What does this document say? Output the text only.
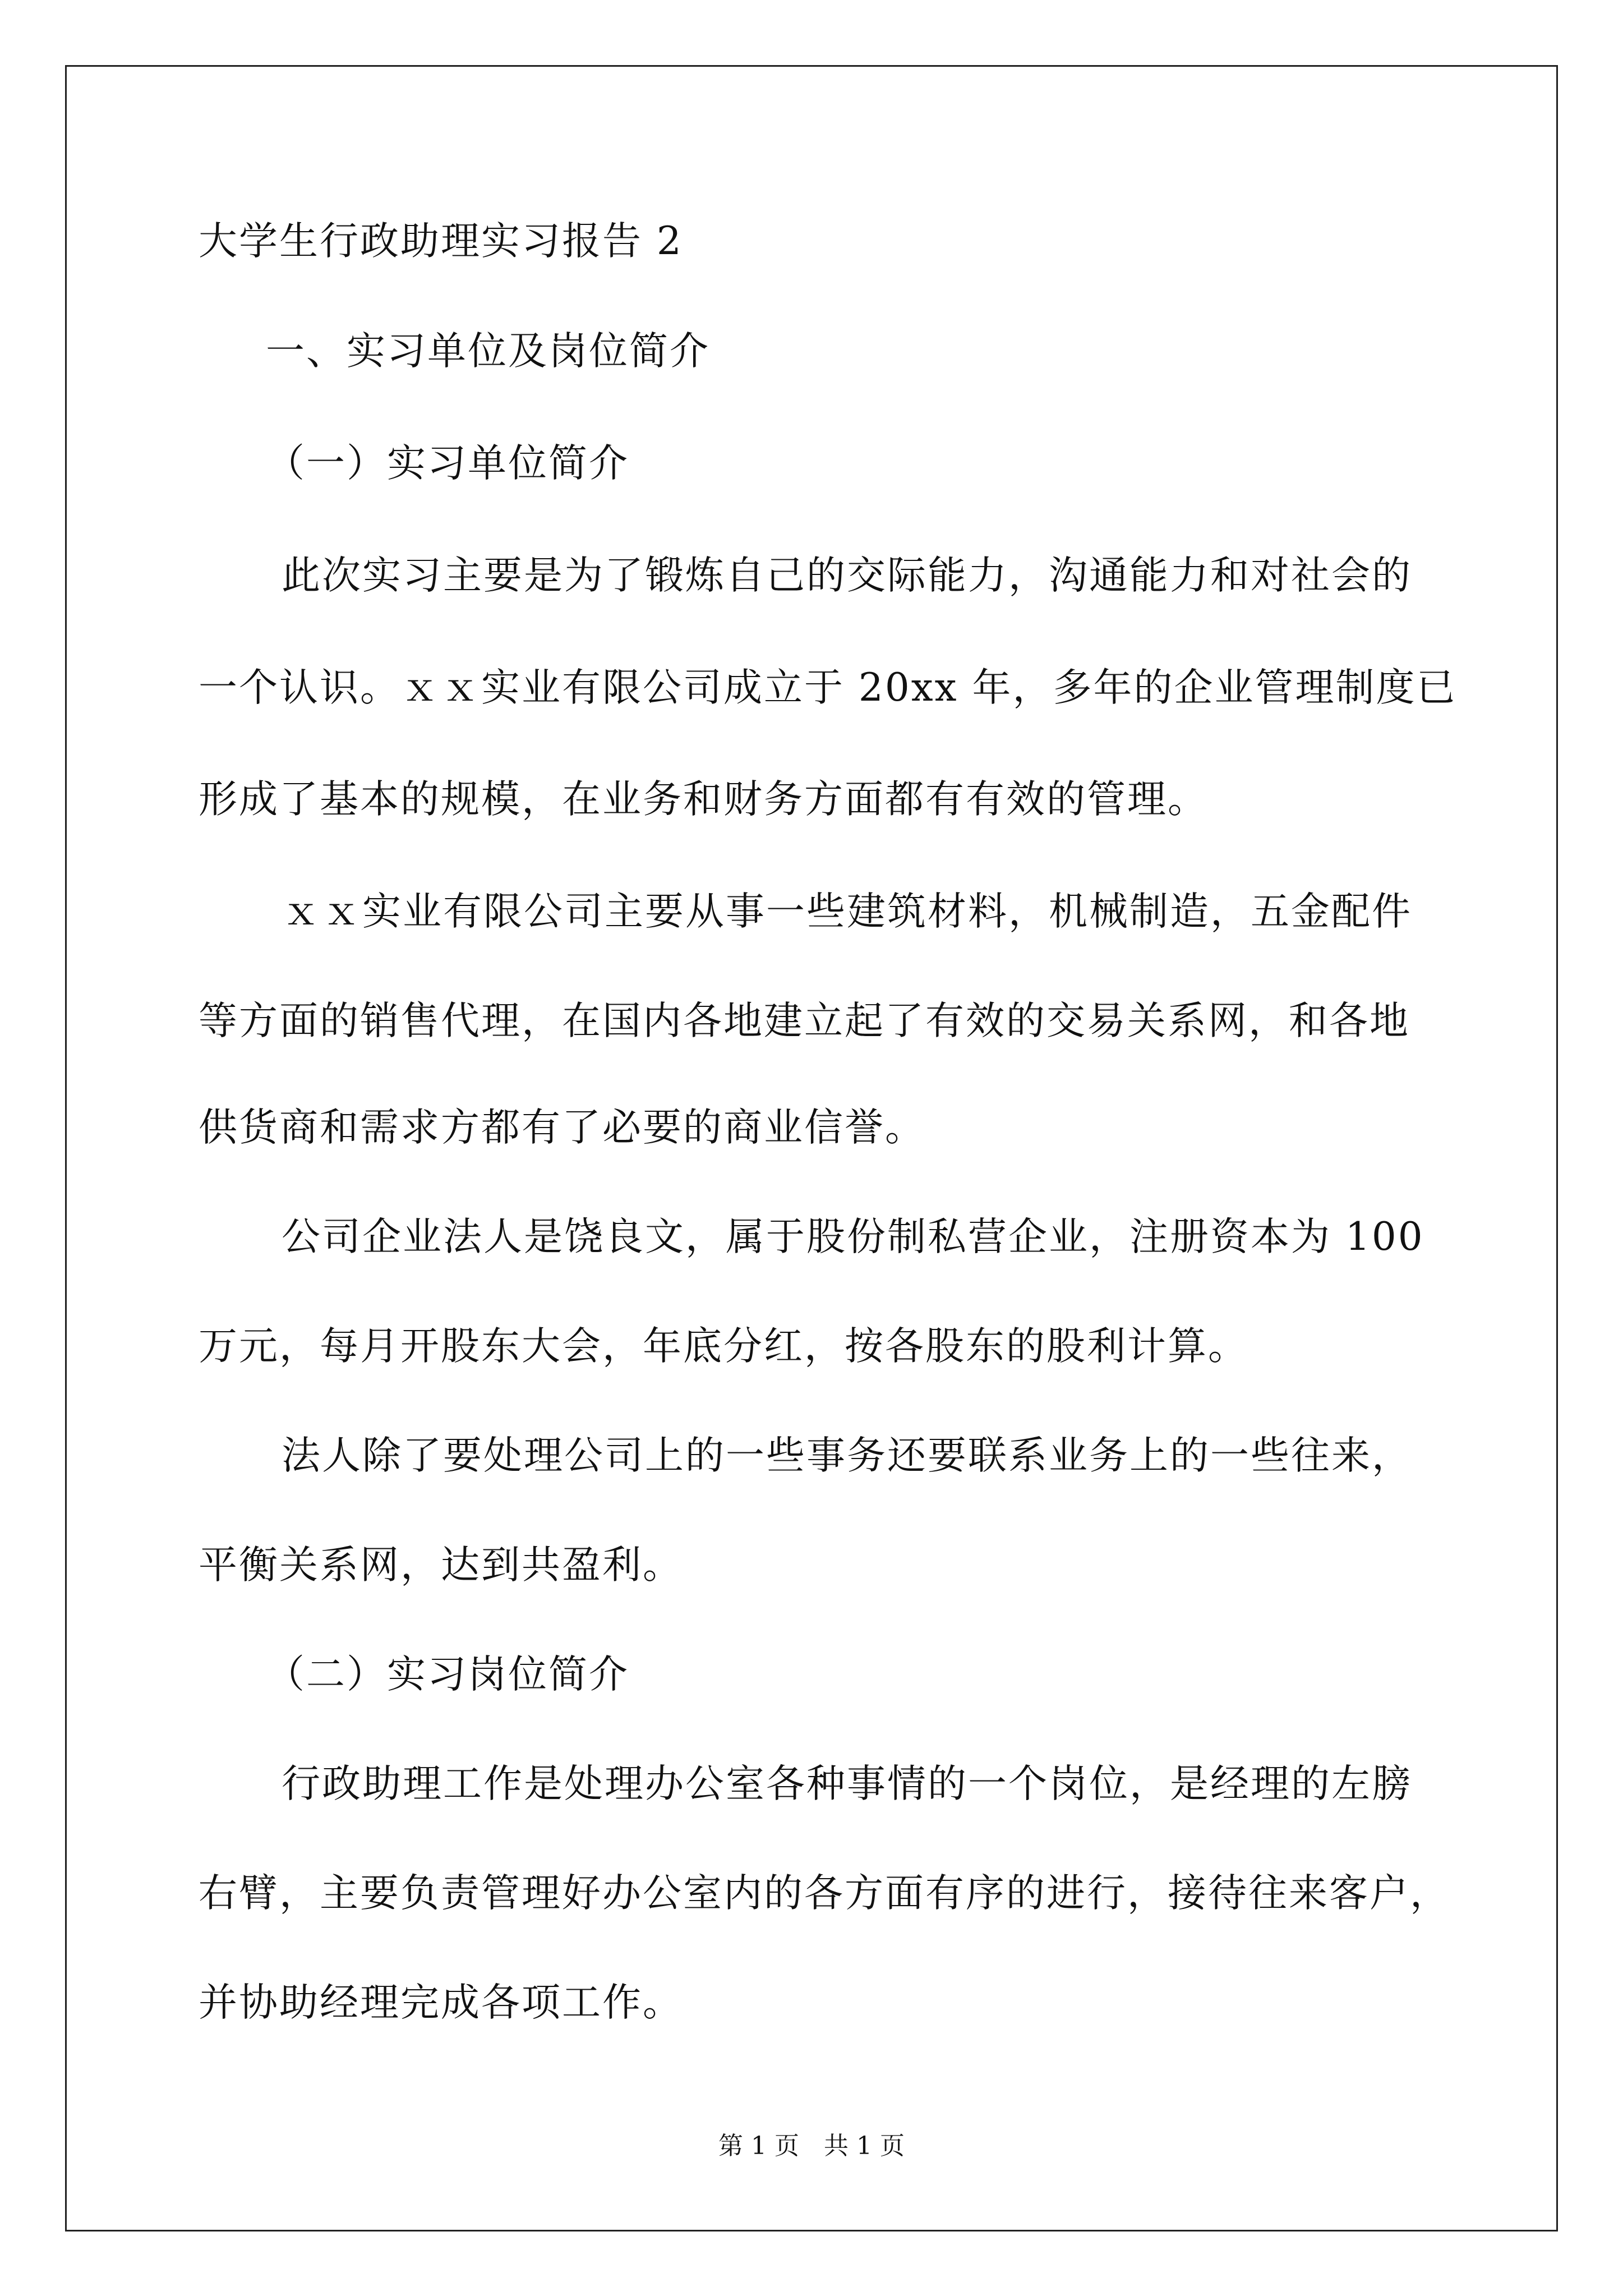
大学生行政助理实习报告 2
一、实习单位及岗位简介
（一）实习单位简介
此次实习主要是为了锻炼自己的交际能力，沟通能力和对社会的
一个认识。ｘｘ实业有限公司成立于 20xx 年，多年的企业管理制度已
形成了基本的规模，在业务和财务方面都有有效的管理。
ｘｘ实业有限公司主要从事一些建筑材料，机械制造，五金配件
等方面的销售代理，在国内各地建立起了有效的交易关系网，和各地
供货商和需求方都有了必要的商业信誉。
公司企业法人是饶良文，属于股份制私营企业，注册资本为 100
万元，每月开股东大会，年底分红，按各股东的股利计算。
法人除了要处理公司上的一些事务还要联系业务上的一些往来，
平衡关系网，达到共盈利。
（二）实习岗位简介
行政助理工作是处理办公室各种事情的一个岗位，是经理的左膀
右臂，主要负责管理好办公室内的各方面有序的进行，接待往来客户，
并协助经理完成各项工作。
第 1 页　共 1 页
